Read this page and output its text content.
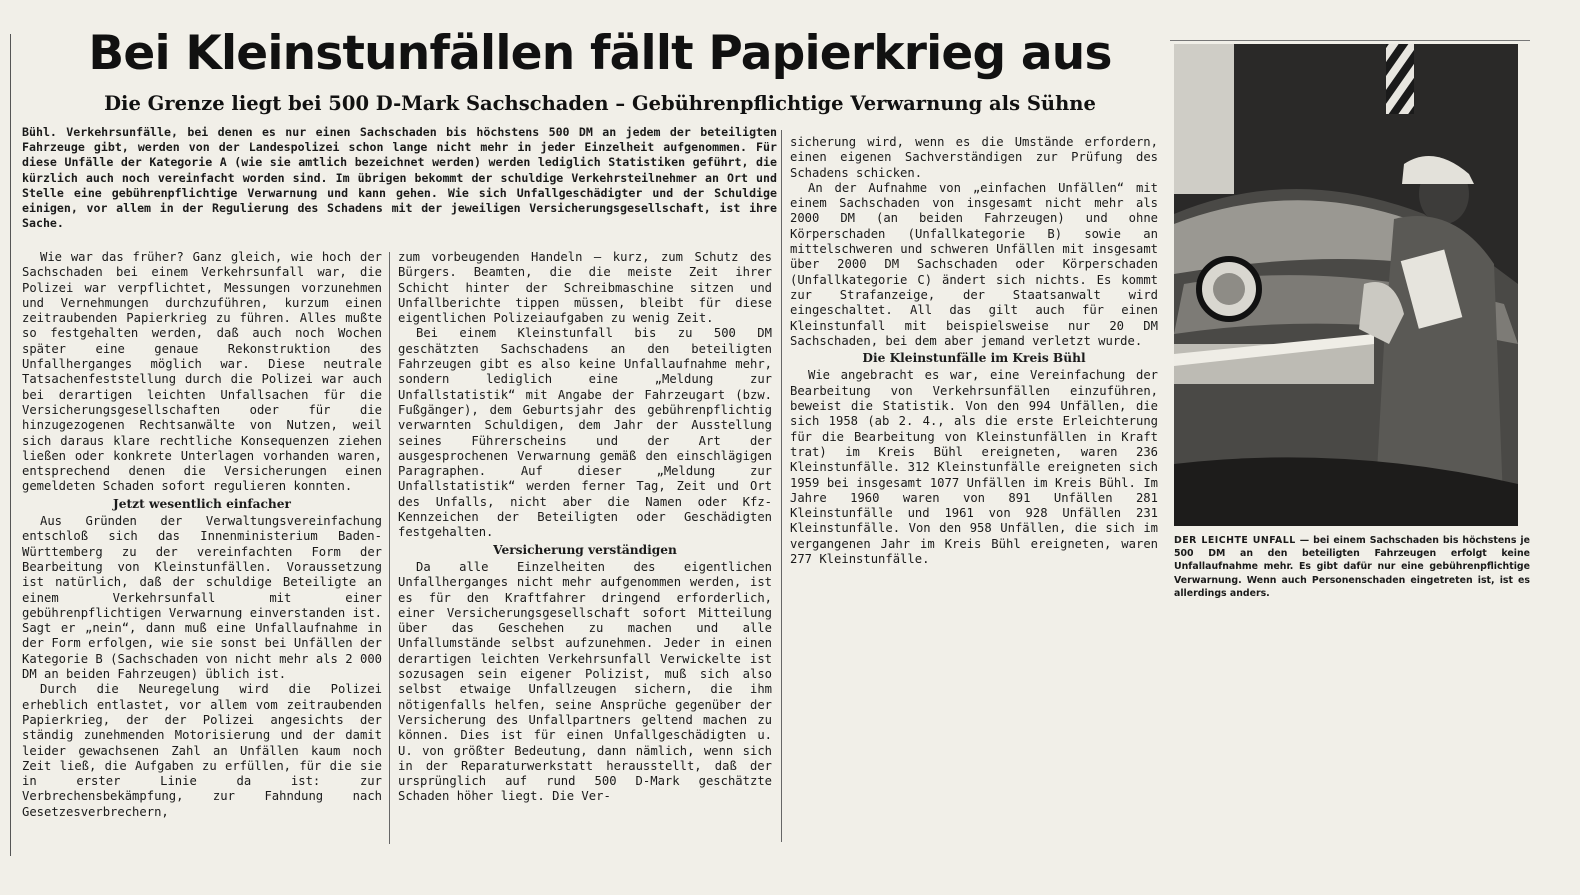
Bei Kleinstunfällen fällt Papierkrieg aus
Die Grenze liegt bei 500 D-Mark Sachschaden – Gebührenpflichtige Verwarnung als Sühne

Bühl. Verkehrsunfälle, bei denen es nur einen Sachschaden bis höchstens 500 DM an jedem der beteiligten Fahrzeuge gibt, werden von der Landespolizei schon lange nicht mehr in jeder Einzelheit aufgenommen. Für diese Unfälle der Kategorie A (wie sie amtlich bezeichnet werden) werden lediglich Statistiken geführt, die kürzlich auch noch vereinfacht worden sind. Im übrigen bekommt der schuldige Verkehrsteilnehmer an Ort und Stelle eine gebührenpflichtige Verwarnung und kann gehen. Wie sich Unfallgeschädigter und der Schuldige einigen, vor allem in der Regulierung des Schadens mit der jeweiligen Versicherungsgesellschaft, ist ihre Sache.

Wie war das früher? Ganz gleich, wie hoch der Sachschaden bei einem Verkehrsunfall war, die Polizei war verpflichtet, Messungen vorzunehmen und Vernehmungen durchzuführen, kurzum einen zeitraubenden Papierkrieg zu führen. Alles mußte so festgehalten werden, daß auch noch Wochen später eine genaue Rekonstruktion des Unfallherganges möglich war. Diese neutrale Tatsachenfeststellung durch die Polizei war auch bei derartigen leichten Unfallsachen für die Versicherungsgesellschaften oder für die hinzugezogenen Rechtsanwälte von Nutzen, weil sich daraus klare rechtliche Konsequenzen ziehen ließen oder konkrete Unterlagen vorhanden waren, entsprechend denen die Versicherungen einen gemeldeten Schaden sofort regulieren konnten.

Jetzt wesentlich einfacher

Aus Gründen der Verwaltungsvereinfachung entschloß sich das Innenministerium Baden-Württemberg zu der vereinfachten Form der Bearbeitung von Kleinstunfällen. Voraussetzung ist natürlich, daß der schuldige Beteiligte an einem Verkehrsunfall mit einer gebührenpflichtigen Verwarnung einverstanden ist. Sagt er „nein“, dann muß eine Unfallaufnahme in der Form erfolgen, wie sie sonst bei Unfällen der Kategorie B (Sachschaden von nicht mehr als 2 000 DM an beiden Fahrzeugen) üblich ist.

Durch die Neuregelung wird die Polizei erheblich entlastet, vor allem vom zeitraubenden Papierkrieg, der der Polizei angesichts der ständig zunehmenden Motorisierung und der damit leider gewachsenen Zahl an Unfällen kaum noch Zeit ließ, die Aufgaben zu erfüllen, für die sie in erster Linie da ist: zur Verbrechensbekämpfung, zur Fahndung nach Gesetzesverbrechern,

zum vorbeugenden Handeln — kurz, zum Schutz des Bürgers. Beamten, die die meiste Zeit ihrer Schicht hinter der Schreibmaschine sitzen und Unfallberichte tippen müssen, bleibt für diese eigentlichen Polizeiaufgaben zu wenig Zeit.

Bei einem Kleinstunfall bis zu 500 DM geschätzten Sachschadens an den beteiligten Fahrzeugen gibt es also keine Unfallaufnahme mehr, sondern lediglich eine „Meldung zur Unfallstatistik“ mit Angabe der Fahrzeugart (bzw. Fußgänger), dem Geburtsjahr des gebührenpflichtig verwarnten Schuldigen, dem Jahr der Ausstellung seines Führerscheins und der Art der ausgesprochenen Verwarnung gemäß den einschlägigen Paragraphen. Auf dieser „Meldung zur Unfallstatistik“ werden ferner Tag, Zeit und Ort des Unfalls, nicht aber die Namen oder Kfz-Kennzeichen der Beteiligten oder Geschädigten festgehalten.

Versicherung verständigen

Da alle Einzelheiten des eigentlichen Unfallherganges nicht mehr aufgenommen werden, ist es für den Kraftfahrer dringend erforderlich, einer Versicherungsgesellschaft sofort Mitteilung über das Geschehen zu machen und alle Unfallumstände selbst aufzunehmen. Jeder in einen derartigen leichten Verkehrsunfall Verwickelte ist sozusagen sein eigener Polizist, muß sich also selbst etwaige Unfallzeugen sichern, die ihm nötigenfalls helfen, seine Ansprüche gegenüber der Versicherung des Unfallpartners geltend machen zu können. Dies ist für einen Unfallgeschädigten u. U. von größter Bedeutung, dann nämlich, wenn sich in der Reparaturwerkstatt herausstellt, daß der ursprünglich auf rund 500 D-Mark geschätzte Schaden höher liegt. Die Ver-

sicherung wird, wenn es die Umstände erfordern, einen eigenen Sachverständigen zur Prüfung des Schadens schicken.

An der Aufnahme von „einfachen Unfällen“ mit einem Sachschaden von insgesamt nicht mehr als 2000 DM (an beiden Fahrzeugen) und ohne Körperschaden (Unfallkategorie B) sowie an mittelschweren und schweren Unfällen mit insgesamt über 2000 DM Sachschaden oder Körperschaden (Unfallkategorie C) ändert sich nichts. Es kommt zur Strafanzeige, der Staatsanwalt wird eingeschaltet. All das gilt auch für einen Kleinstunfall mit beispielsweise nur 20 DM Sachschaden, bei dem aber jemand verletzt wurde.

Die Kleinstunfälle im Kreis Bühl

Wie angebracht es war, eine Vereinfachung der Bearbeitung von Verkehrsunfällen einzuführen, beweist die Statistik. Von den 994 Unfällen, die sich 1958 (ab 2. 4., als die erste Erleichterung für die Bearbeitung von Kleinstunfällen in Kraft trat) im Kreis Bühl ereigneten, waren 236 Kleinstunfälle. 312 Kleinstunfälle ereigneten sich 1959 bei insgesamt 1077 Unfällen im Kreis Bühl. Im Jahre 1960 waren von 891 Unfällen 281 Kleinstunfälle und 1961 von 928 Unfällen 231 Kleinstunfälle. Von den 958 Unfällen, die sich im vergangenen Jahr im Kreis Bühl ereigneten, waren 277 Kleinstunfälle.

DER LEICHTE UNFALL — bei einem Sachschaden bis höchstens je 500 DM an den beteiligten Fahrzeugen erfolgt keine Unfallaufnahme mehr. Es gibt dafür nur eine gebührenpflichtige Verwarnung. Wenn auch Personenschaden eingetreten ist, ist es allerdings anders.
